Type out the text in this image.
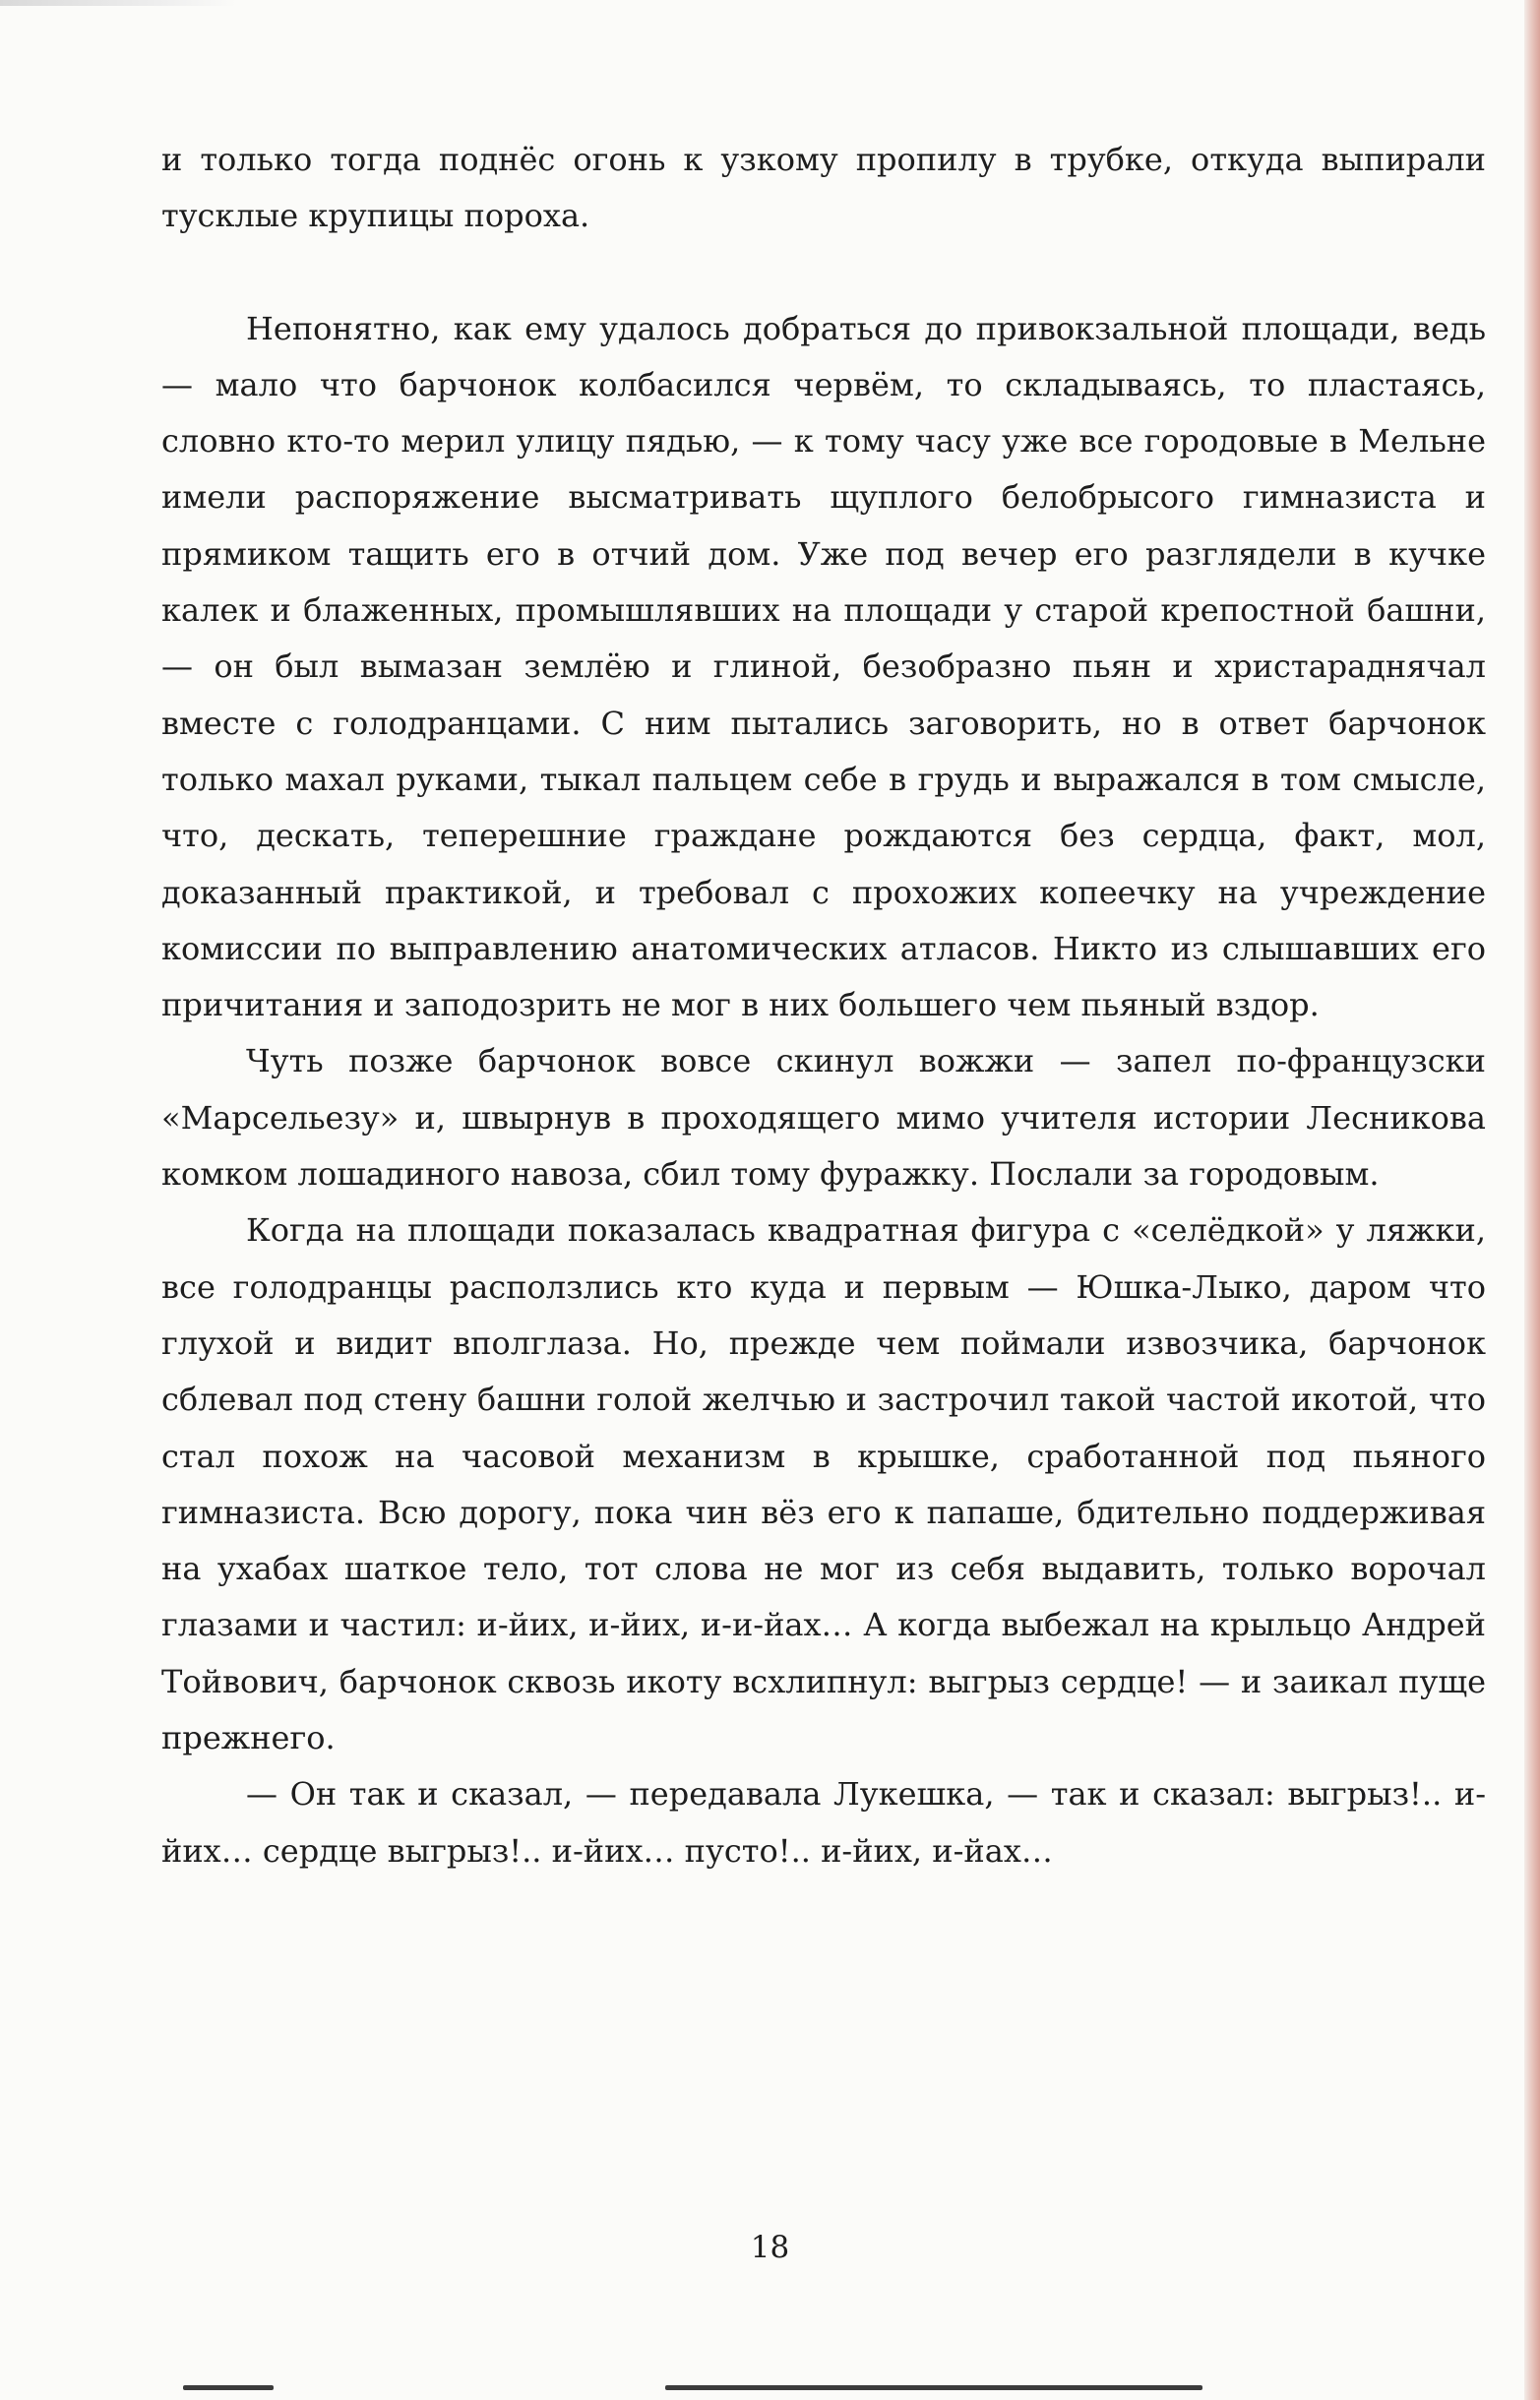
и только тогда поднёс огонь к узкому пропилу в трубке, откуда выпирали тусклые крупицы пороха.

Непонятно, как ему удалось добраться до привокзальной площади, ведь — мало что барчонок колбасился червём, то складываясь, то пластаясь, словно кто-то мерил улицу пядью, — к тому часу уже все городовые в Мельне имели распоряжение высматривать щуплого белобрысого гимназиста и прямиком тащить его в отчий дом. Уже под вечер его разглядели в кучке калек и блаженных, промышлявших на площади у старой крепостной башни, — он был вымазан землёю и глиной, безобразно пьян и христараднячал вместе с голодранцами. С ним пытались заговорить, но в ответ барчонок только махал руками, тыкал пальцем себе в грудь и выражался в том смысле, что, дескать, теперешние граждане рождаются без сердца, факт, мол, доказанный практикой, и требовал с прохожих копеечку на учреждение комиссии по выправлению анатомических атласов. Никто из слышавших его причитания и заподозрить не мог в них большего чем пьяный вздор.

Чуть позже барчонок вовсе скинул вожжи — запел по-французски «Марсельезу» и, швырнув в проходящего мимо учителя истории Лесникова комком лошадиного навоза, сбил тому фуражку. Послали за городовым.

Когда на площади показалась квадратная фигура с «селёдкой» у ляжки, все голодранцы расползлись кто куда и первым — Юшка-Лыко, даром что глухой и видит вполглаза. Но, прежде чем поймали извозчика, барчонок сблевал под стену башни голой желчью и застрочил такой частой икотой, что стал похож на часовой механизм в крышке, сработанной под пьяного гимназиста. Всю дорогу, пока чин вёз его к папаше, бдительно поддерживая на ухабах шаткое тело, тот слова не мог из себя выдавить, только ворочал глазами и частил: и-йих, и-йих, и-и-йах… А когда выбежал на крыльцо Андрей Тойвович, барчонок сквозь икоту всхлипнул: выгрыз сердце! — и заикал пуще прежнего.

— Он так и сказал, — передавала Лукешка, — так и сказал: выгрыз!.. и-йих… сердце выгрыз!.. и-йих… пусто!.. и-йих, и-йах…

18
